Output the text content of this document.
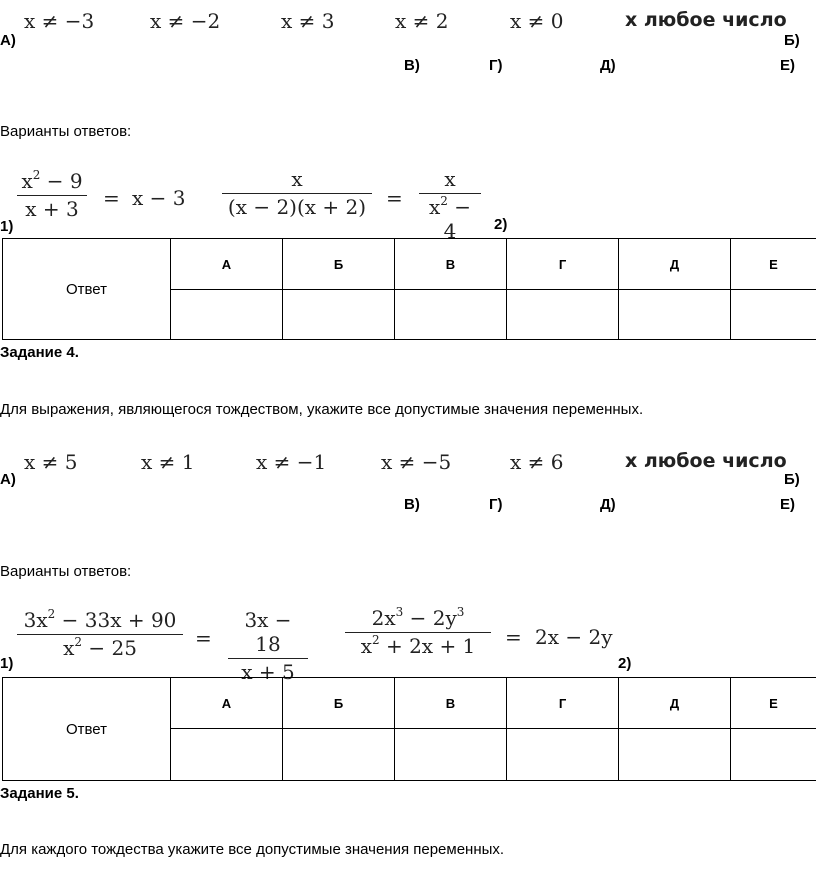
x ≠ −3	x ≠ −2	x ≠ 3	x ≠ 2	x ≠ 0	x любое число
А)	Б)
В)	Г)	Д)	Е)
Варианты ответов:
$x^2 - 9$
x + 3	= x − 3
1)
x
(x − 2)(x + 2) =
x
$x^2 - 4$	2)
Ответ	А	Б	В	Г	Д	Е

Задание 4.
Для выражения, являющегося тождеством, укажите все допустимые значения переменных.
x ≠ 5	x ≠ 1	x ≠ −1	x ≠ −5	x ≠ 6	x любое число
А)	Б)
В)	Г)	Д)	Е)
Варианты ответов:
$3x^2 - 33x + 90$
$x^2 - 25$	=
3x − 18
x + 5
1)
$2x^3 - 2y^3$
$x^2 + 2x + 1$	= 2x − 2y
2)
Ответ	А	Б	В	Г	Д	Е

Задание 5.
Для каждого тождества укажите все допустимые значения переменных.
